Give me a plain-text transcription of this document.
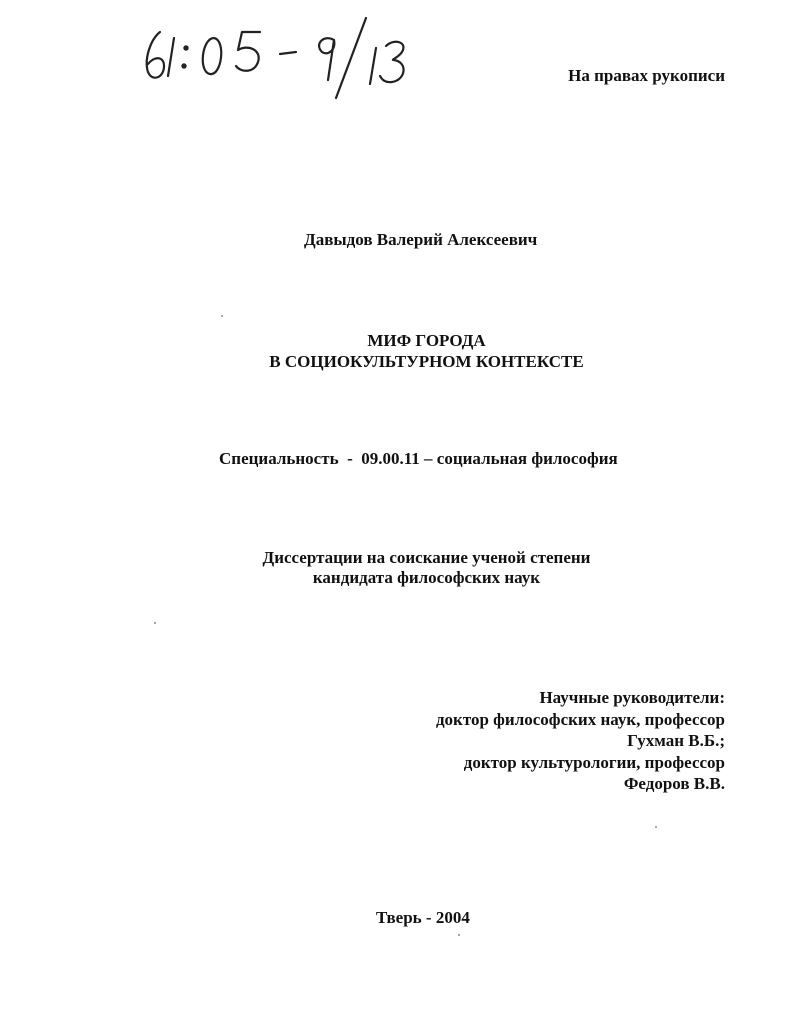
На правах рукописи
Давыдов Валерий Алексеевич
МИФ ГОРОДА
В СОЦИОКУЛЬТУРНОМ КОНТЕКСТЕ
Специальность  -  09.00.11 – социальная философия
Диссертации на соискание ученой степени
кандидата философских наук
Научные руководители:
доктор философских наук, профессор
Гухман В.Б.;
доктор культурологии, профессор
Федоров В.В.
Тверь - 2004
